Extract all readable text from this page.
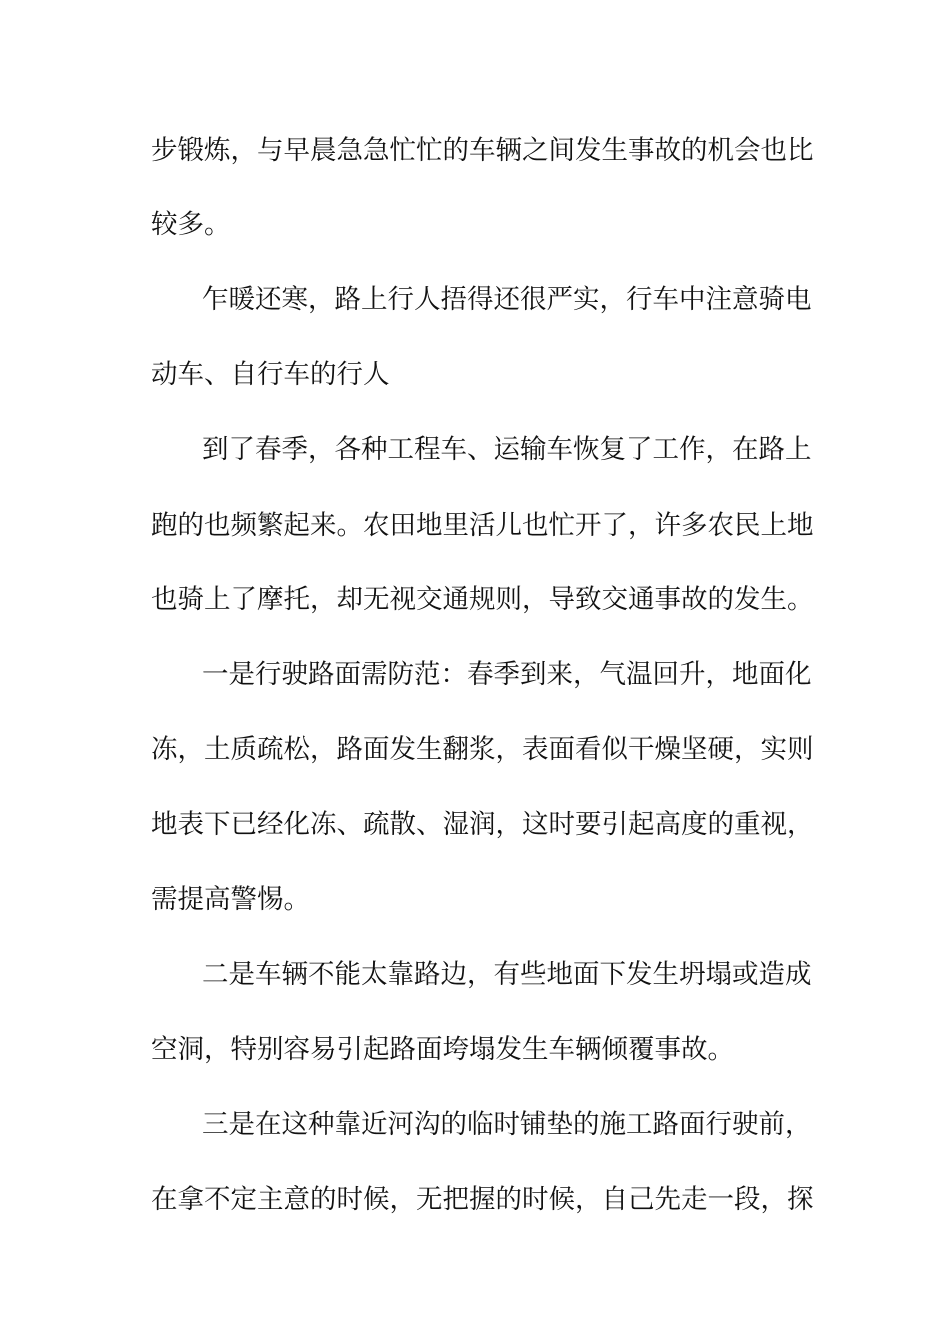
步锻炼，与早晨急急忙忙的车辆之间发生事故的机会也比
较多。
乍暖还寒，路上行人捂得还很严实，行车中注意骑电
动车、自行车的行人
到了春季，各种工程车、运输车恢复了工作，在路上
跑的也频繁起来。农田地里活儿也忙开了，许多农民上地
也骑上了摩托，却无视交通规则，导致交通事故的发生。
一是行驶路面需防范：春季到来，气温回升，地面化
冻，土质疏松，路面发生翻浆，表面看似干燥坚硬，实则
地表下已经化冻、疏散、湿润，这时要引起高度的重视，
需提高警惕。
二是车辆不能太靠路边，有些地面下发生坍塌或造成
空洞，特别容易引起路面垮塌发生车辆倾覆事故。
三是在这种靠近河沟的临时铺垫的施工路面行驶前，
在拿不定主意的时候，无把握的时候，自己先走一段，探
